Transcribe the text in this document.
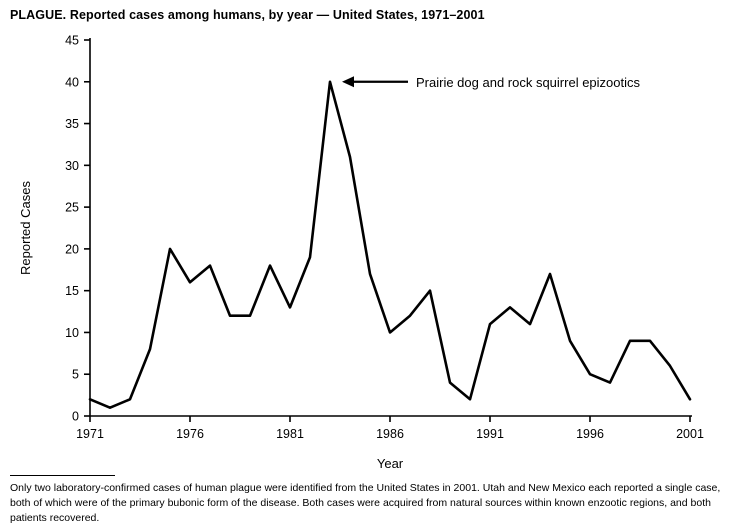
PLAGUE. Reported cases among humans, by year — United States, 1971–2001
0
5
10
15
20
25
30
35
40
45
1971	1976	1981	1986	1991	1996	2001
Prairie dog and rock squirrel epizootics
Year
Reported Cases
Only two laboratory-confirmed cases of human plague were identified from the United States in 2001. Utah and New Mexico each reported a single case, both of which were of the primary bubonic form of the disease. Both cases were acquired from natural sources within known enzootic regions, and both patients recovered.
